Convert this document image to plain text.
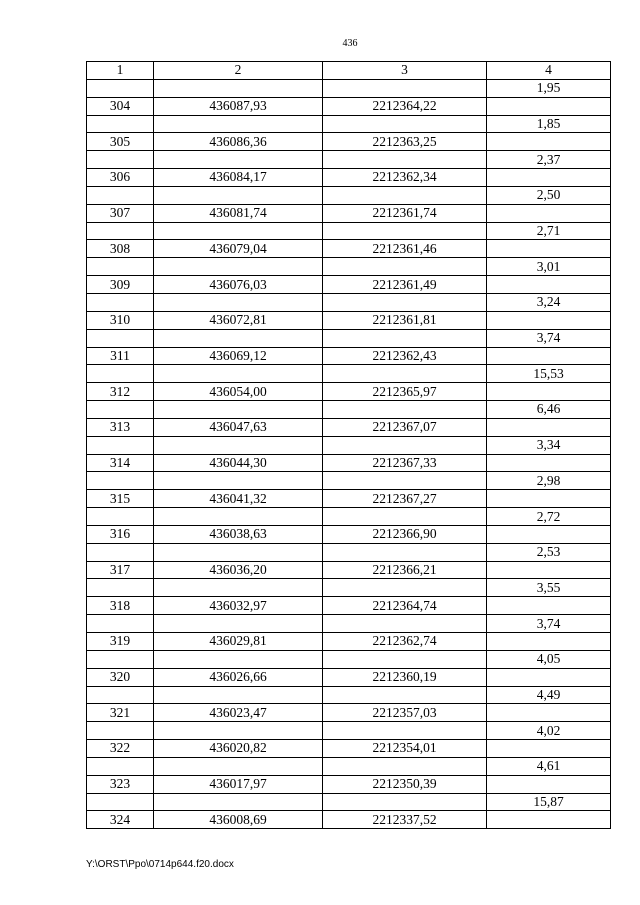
436
1	2	3	4
			1,95
304	436087,93	2212364,22	
			1,85
305	436086,36	2212363,25	
			2,37
306	436084,17	2212362,34	
			2,50
307	436081,74	2212361,74	
			2,71
308	436079,04	2212361,46	
			3,01
309	436076,03	2212361,49	
			3,24
310	436072,81	2212361,81	
			3,74
311	436069,12	2212362,43	
			15,53
312	436054,00	2212365,97	
			6,46
313	436047,63	2212367,07	
			3,34
314	436044,30	2212367,33	
			2,98
315	436041,32	2212367,27	
			2,72
316	436038,63	2212366,90	
			2,53
317	436036,20	2212366,21	
			3,55
318	436032,97	2212364,74	
			3,74
319	436029,81	2212362,74	
			4,05
320	436026,66	2212360,19	
			4,49
321	436023,47	2212357,03	
			4,02
322	436020,82	2212354,01	
			4,61
323	436017,97	2212350,39	
			15,87
324	436008,69	2212337,52	
Y:\ORST\Ppo\0714p644.f20.docx
